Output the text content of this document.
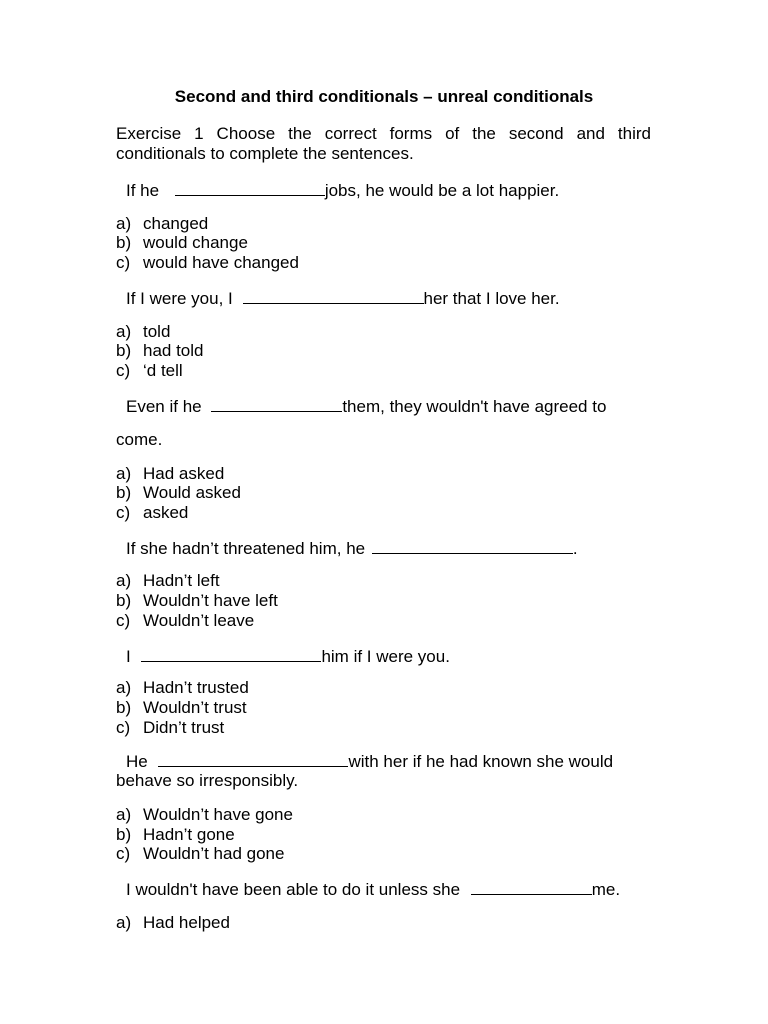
Second and third conditionals – unreal conditionals
Exercise 1 Choose the correct forms of the second and third conditionals to complete the sentences.
If he	jobs, he would be a lot happier.
a) changed
b) would change
c) would have changed
If I were you, I	her that I love her.
a) told
b) had told
c) ‘d tell
Even if he	them, they wouldn't have agreed to
come.
a) Had asked
b) Would asked
c) asked
If she hadn’t threatened him, he	.
a) Hadn’t left
b) Wouldn’t have left
c) Wouldn’t leave
I	him if I were you.
a) Hadn’t trusted
b) Wouldn’t trust
c) Didn’t trust
He	with her if he had known she would
behave so irresponsibly.
a) Wouldn’t have gone
b) Hadn’t gone
c) Wouldn’t had gone
I wouldn't have been able to do it unless she	me.
a) Had helped
